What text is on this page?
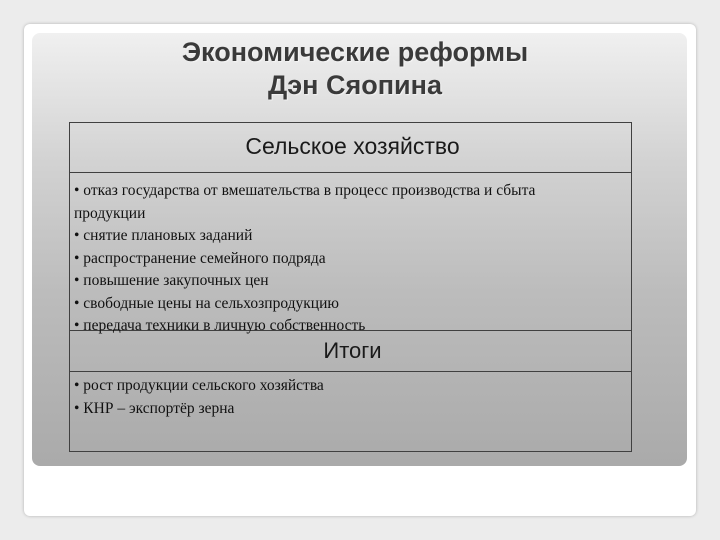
Экономические реформы
Дэн Сяопина
Сельское хозяйство
• отказ государства от вмешательства в процесс производства и сбыта
продукции
• снятие плановых заданий
• распространение семейного подряда
• повышение закупочных цен
• свободные цены на сельхозпродукцию
• передача техники в личную собственность
Итоги
• рост продукции сельского хозяйства
• КНР – экспортёр зерна
